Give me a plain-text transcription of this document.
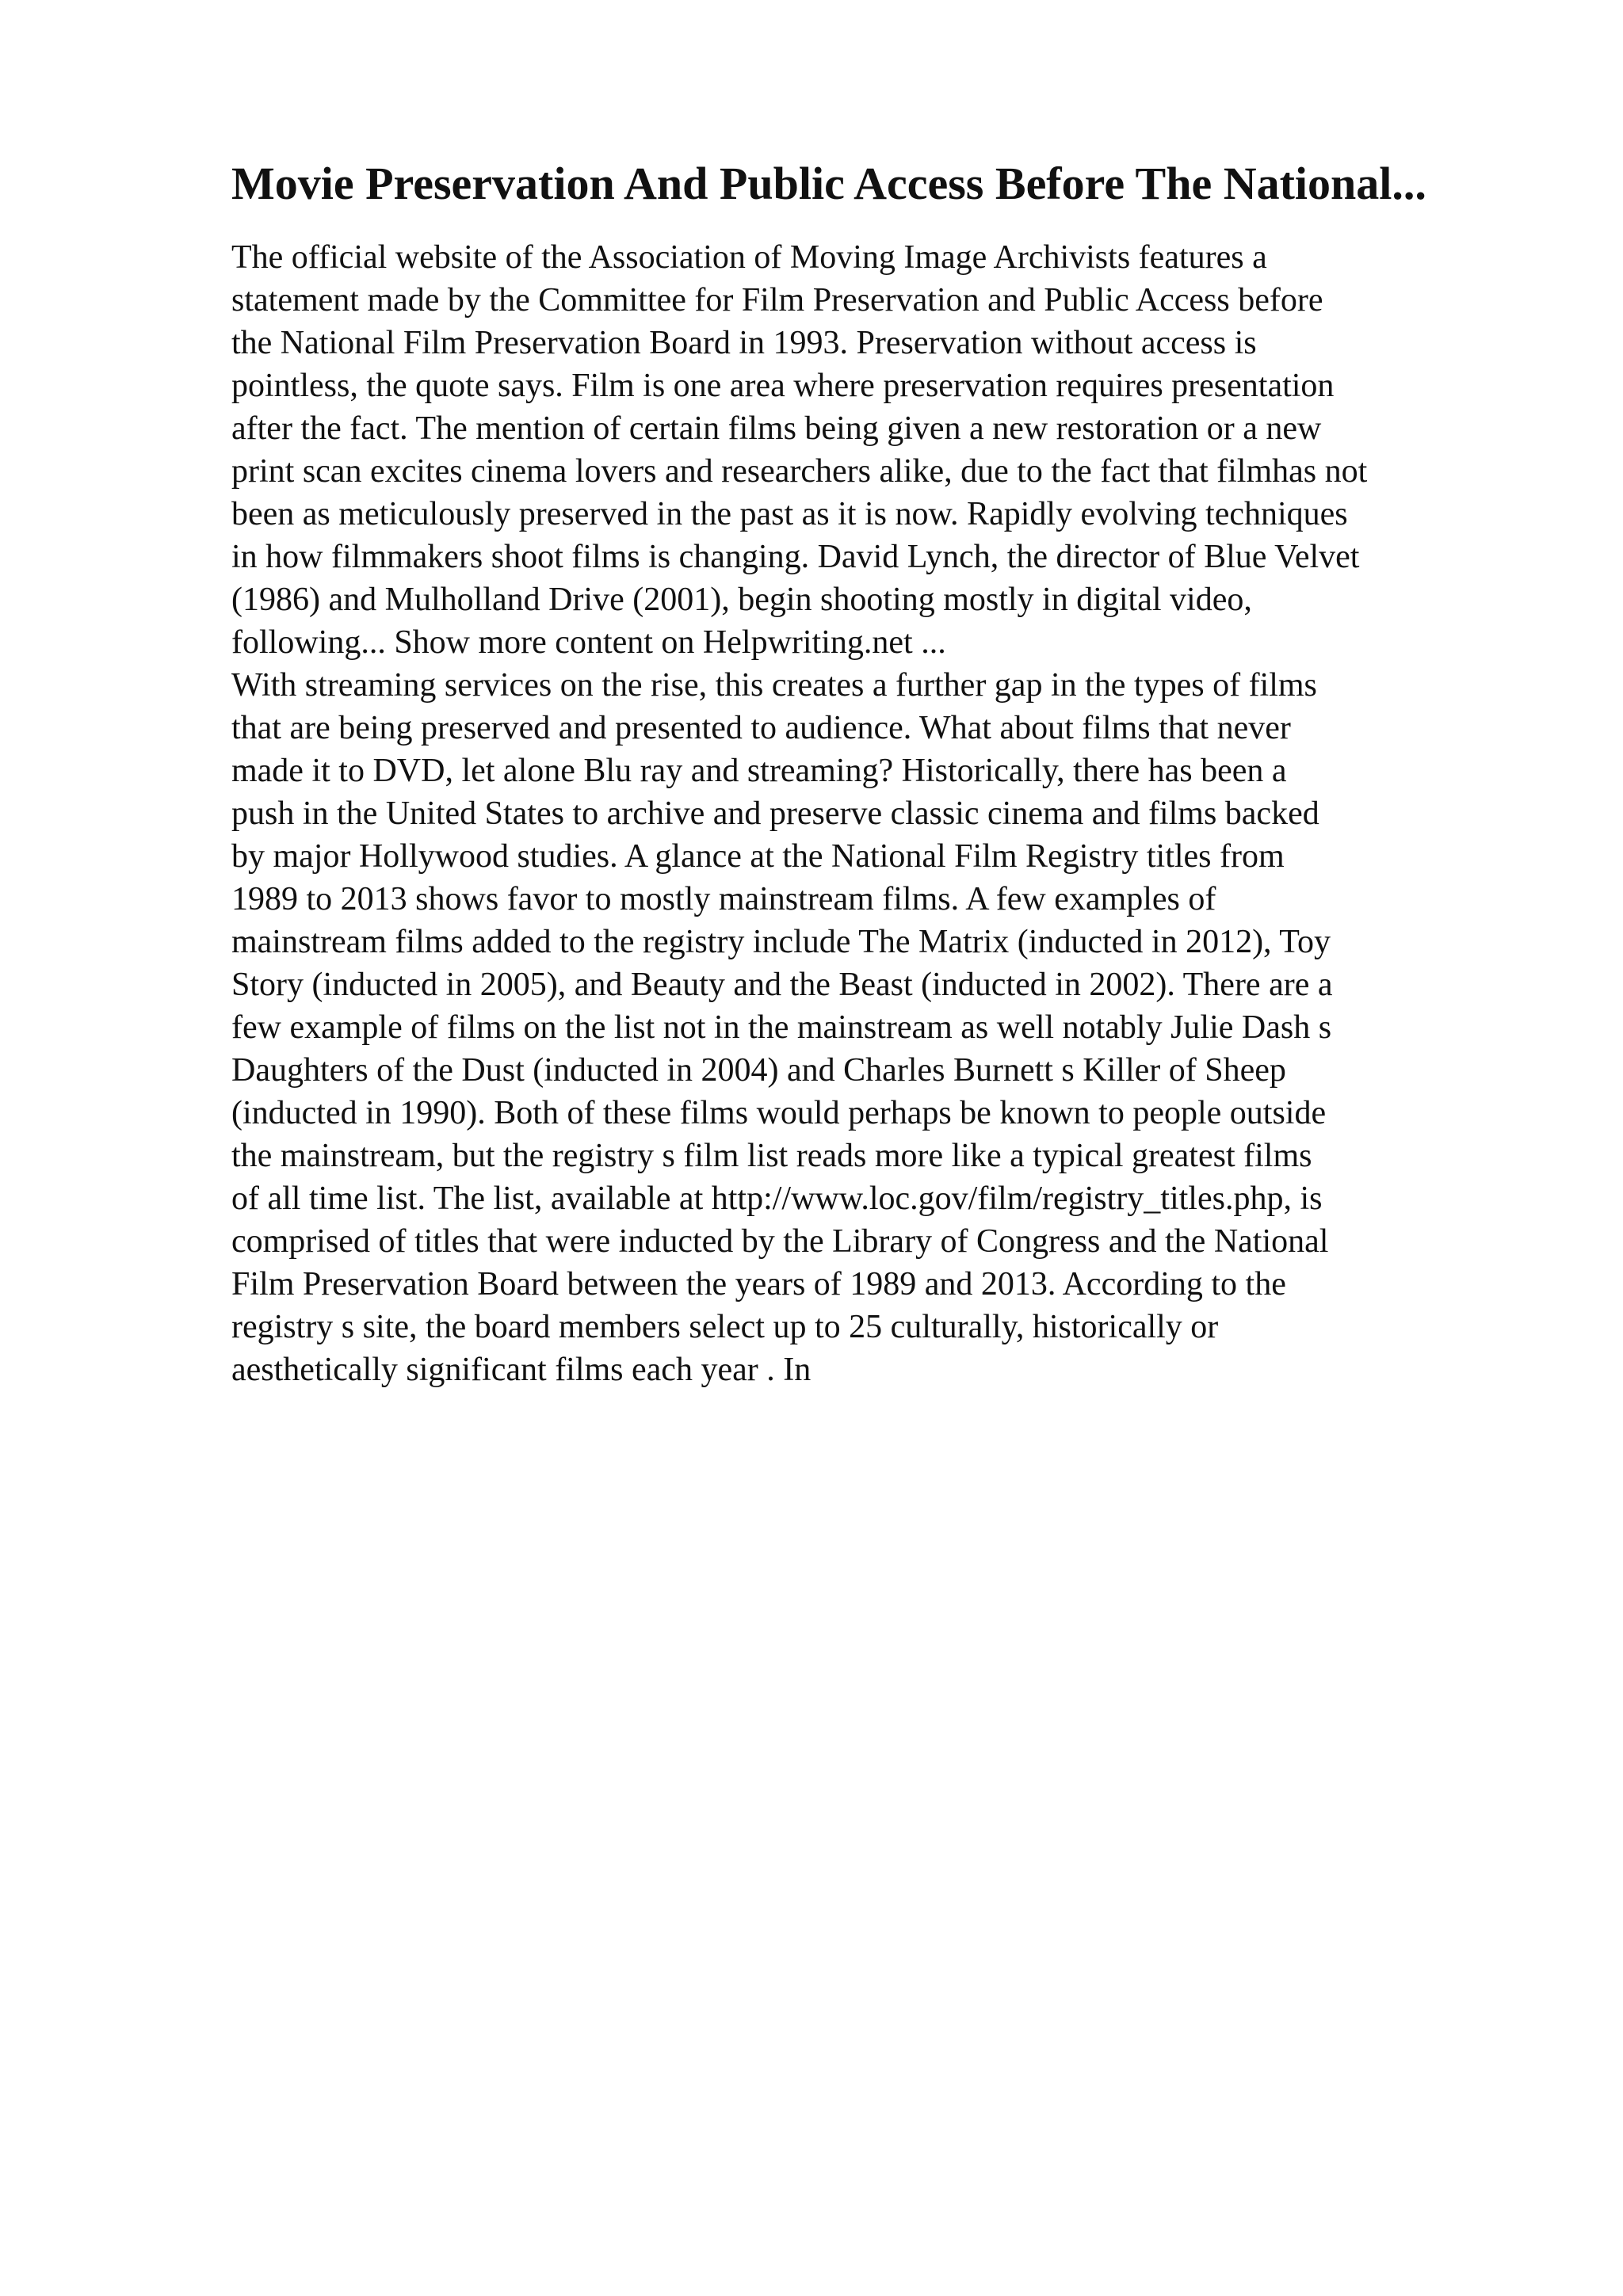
Movie Preservation And Public Access Before The National...

The official website of the Association of Moving Image Archivists features a
statement made by the Committee for Film Preservation and Public Access before
the National Film Preservation Board in 1993. Preservation without access is
pointless, the quote says. Film is one area where preservation requires presentation
after the fact. The mention of certain films being given a new restoration or a new
print scan excites cinema lovers and researchers alike, due to the fact that filmhas not
been as meticulously preserved in the past as it is now. Rapidly evolving techniques
in how filmmakers shoot films is changing. David Lynch, the director of Blue Velvet
(1986) and Mulholland Drive (2001), begin shooting mostly in digital video,
following... Show more content on Helpwriting.net ...

With streaming services on the rise, this creates a further gap in the types of films
that are being preserved and presented to audience. What about films that never
made it to DVD, let alone Blu ray and streaming? Historically, there has been a
push in the United States to archive and preserve classic cinema and films backed
by major Hollywood studies. A glance at the National Film Registry titles from
1989 to 2013 shows favor to mostly mainstream films. A few examples of
mainstream films added to the registry include The Matrix (inducted in 2012), Toy
Story (inducted in 2005), and Beauty and the Beast (inducted in 2002). There are a
few example of films on the list not in the mainstream as well notably Julie Dash s
Daughters of the Dust (inducted in 2004) and Charles Burnett s Killer of Sheep
(inducted in 1990). Both of these films would perhaps be known to people outside
the mainstream, but the registry s film list reads more like a typical greatest films
of all time list. The list, available at http://www.loc.gov/film/registry_titles.php, is
comprised of titles that were inducted by the Library of Congress and the National
Film Preservation Board between the years of 1989 and 2013. According to the
registry s site, the board members select up to 25 culturally, historically or
aesthetically significant films each year . In
